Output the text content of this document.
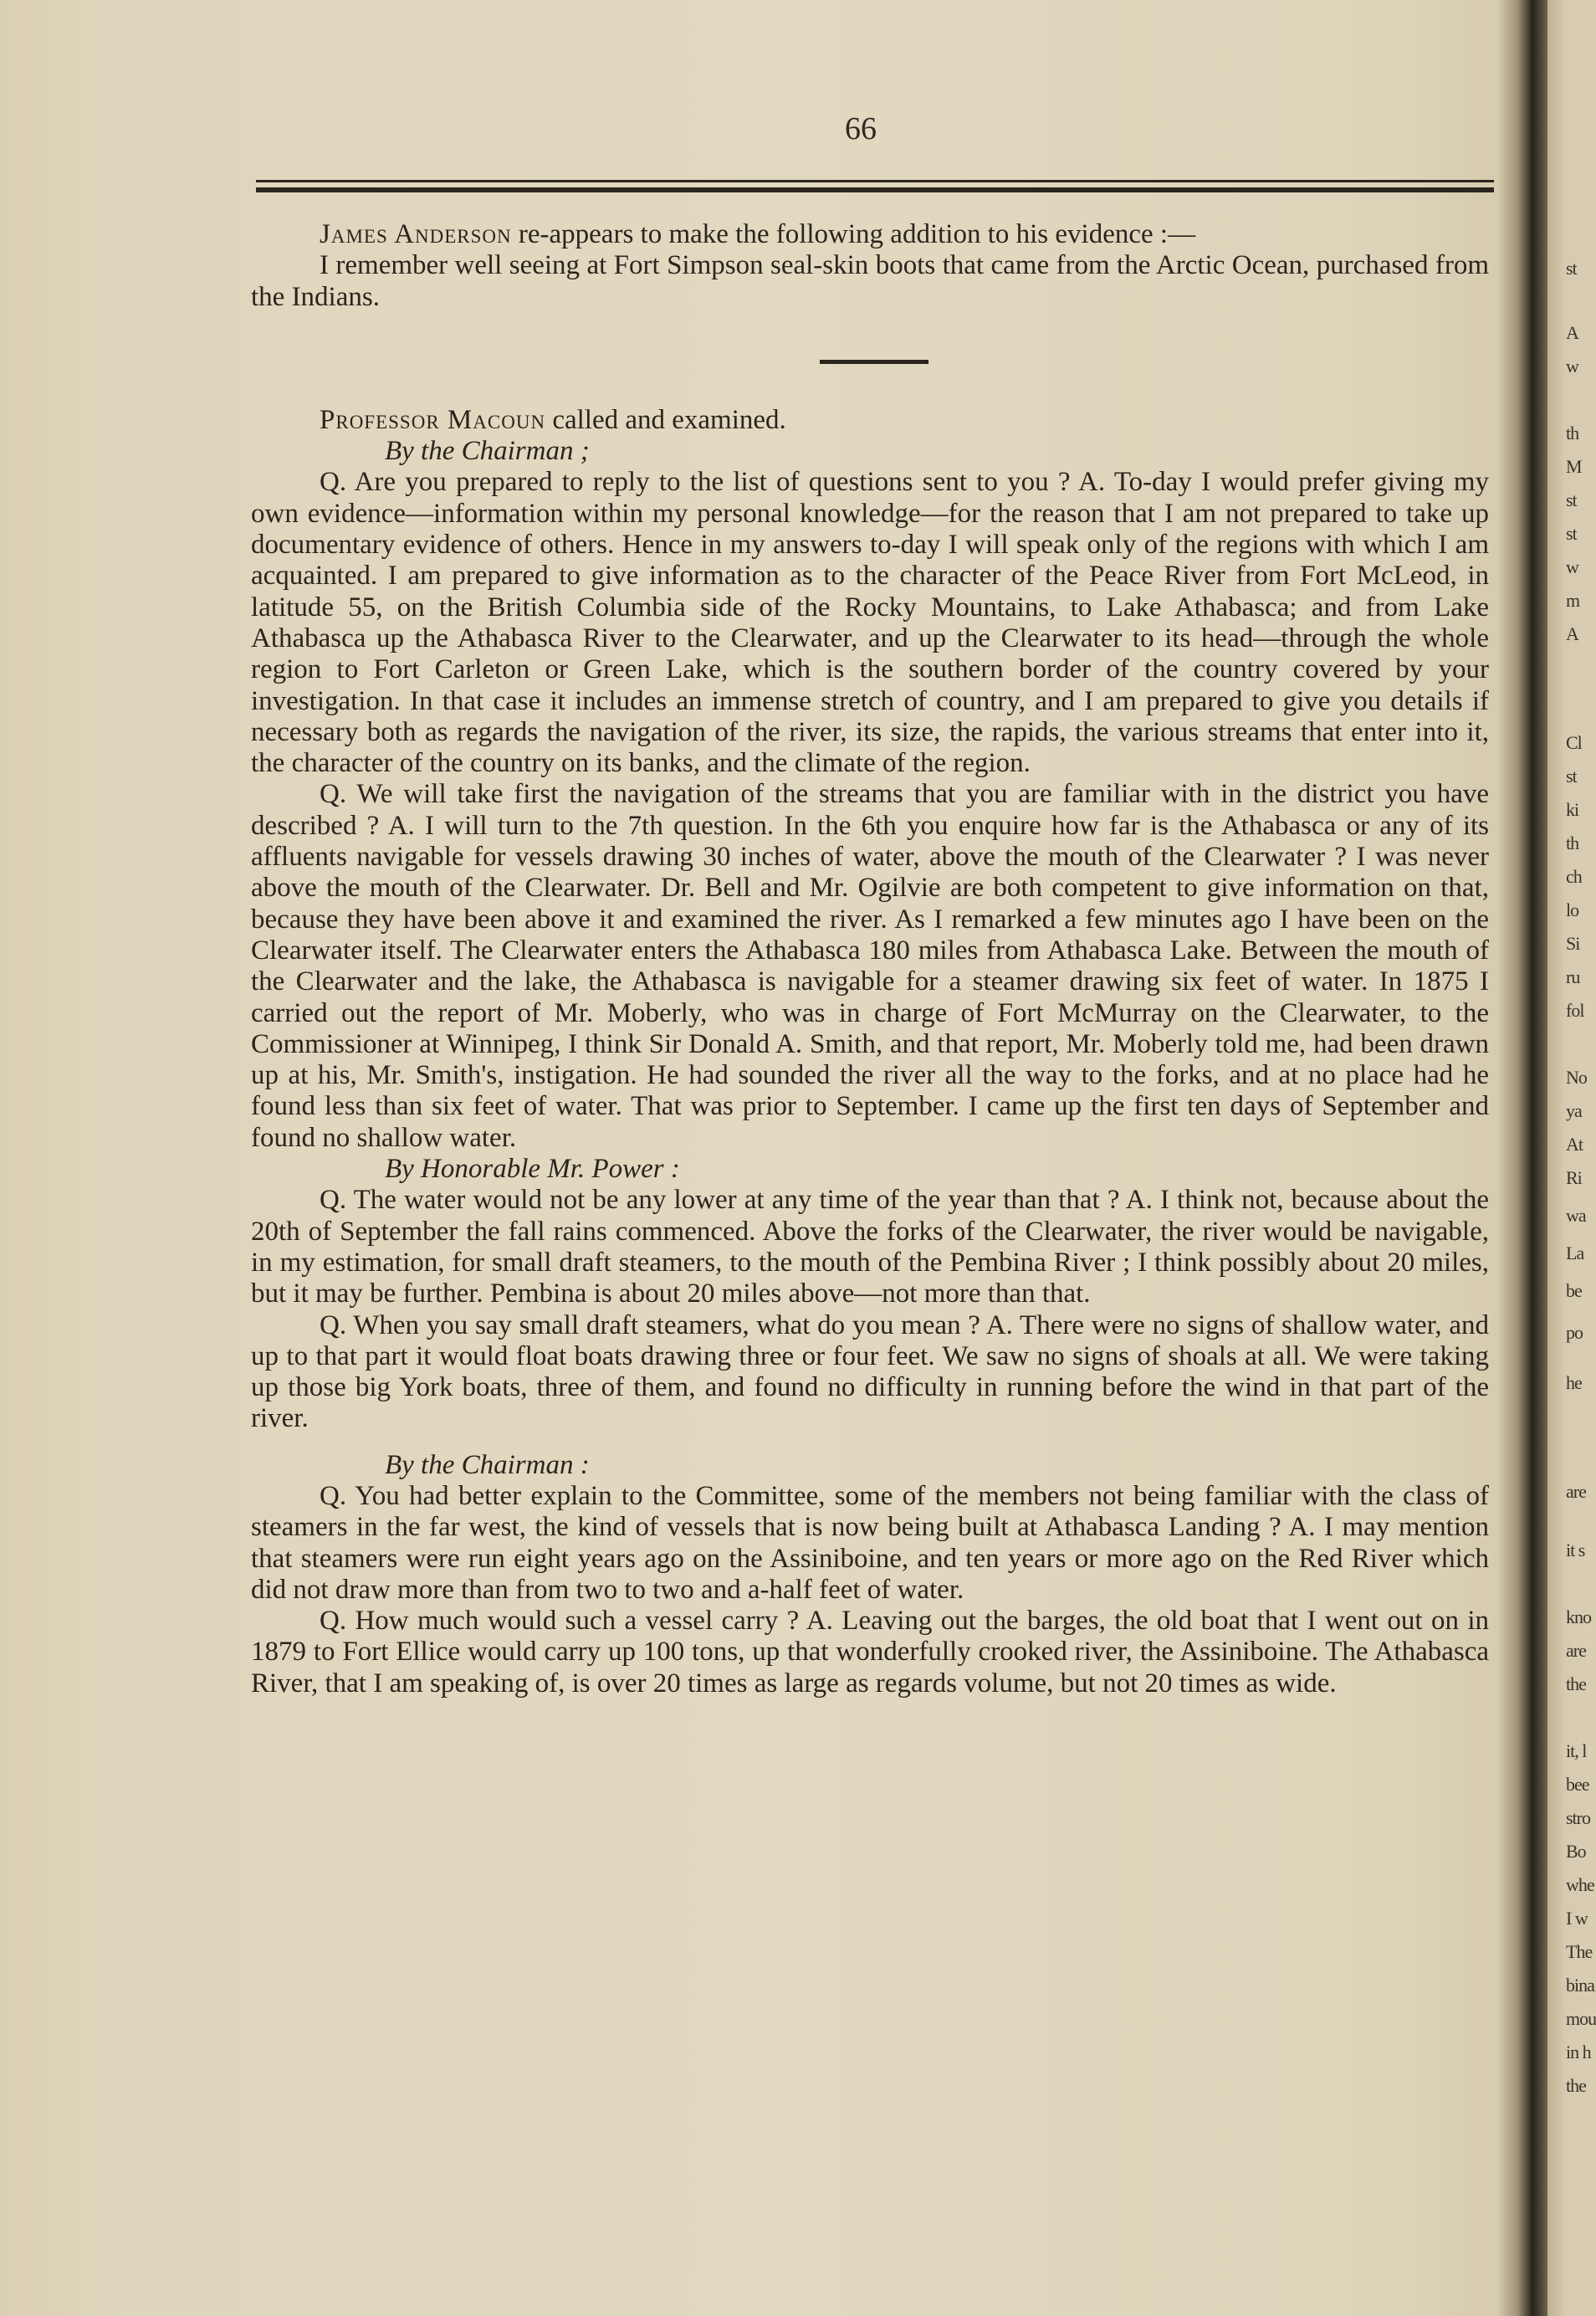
66

James Anderson re-appears to make the following addition to his evidence :—

I remember well seeing at Fort Simpson seal-skin boots that came from the Arctic Ocean, purchased from the Indians.

Professor Macoun called and examined.

By the Chairman ;

Q. Are you prepared to reply to the list of questions sent to you ? A. To-day I would prefer giving my own evidence—information within my personal knowledge—for the reason that I am not prepared to take up documentary evidence of others. Hence in my answers to-day I will speak only of the regions with which I am acquainted. I am prepared to give information as to the character of the Peace River from Fort McLeod, in latitude 55, on the British Columbia side of the Rocky Mountains, to Lake Athabasca; and from Lake Athabasca up the Athabasca River to the Clearwater, and up the Clearwater to its head—through the whole region to Fort Carleton or Green Lake, which is the southern border of the country covered by your investigation. In that case it includes an immense stretch of country, and I am prepared to give you details if necessary both as regards the navigation of the river, its size, the rapids, the various streams that enter into it, the character of the country on its banks, and the climate of the region.

Q. We will take first the navigation of the streams that you are familiar with in the district you have described ? A. I will turn to the 7th question. In the 6th you enquire how far is the Athabasca or any of its affluents navigable for vessels drawing 30 inches of water, above the mouth of the Clearwater ? I was never above the mouth of the Clearwater. Dr. Bell and Mr. Ogilvie are both competent to give information on that, because they have been above it and examined the river. As I remarked a few minutes ago I have been on the Clearwater itself. The Clearwater enters the Athabasca 180 miles from Athabasca Lake. Between the mouth of the Clearwater and the lake, the Athabasca is navigable for a steamer drawing six feet of water. In 1875 I carried out the report of Mr. Moberly, who was in charge of Fort McMurray on the Clearwater, to the Commissioner at Winnipeg, I think Sir Donald A. Smith, and that report, Mr. Moberly told me, had been drawn up at his, Mr. Smith's, instigation. He had sounded the river all the way to the forks, and at no place had he found less than six feet of water. That was prior to September. I came up the first ten days of September and found no shallow water.

By Honorable Mr. Power :

Q. The water would not be any lower at any time of the year than that ? A. I think not, because about the 20th of September the fall rains commenced. Above the forks of the Clearwater, the river would be navigable, in my estimation, for small draft steamers, to the mouth of the Pembina River ; I think possibly about 20 miles, but it may be further. Pembina is about 20 miles above—not more than that.

Q. When you say small draft steamers, what do you mean ? A. There were no signs of shallow water, and up to that part it would float boats drawing three or four feet. We saw no signs of shoals at all. We were taking up those big York boats, three of them, and found no difficulty in running before the wind in that part of the river.

By the Chairman :

Q. You had better explain to the Committee, some of the members not being familiar with the class of steamers in the far west, the kind of vessels that is now being built at Athabasca Landing ? A. I may mention that steamers were run eight years ago on the Assiniboine, and ten years or more ago on the Red River which did not draw more than from two to two and a-half feet of water.

Q. How much would such a vessel carry ? A. Leaving out the barges, the old boat that I went out on in 1879 to Fort Ellice would carry up 100 tons, up that wonderfully crooked river, the Assiniboine. The Athabasca River, that I am speaking of, is over 20 times as large as regards volume, but not 20 times as wide.

st
A
w
th
M
st
st
w
m
A
Cl
st
ki
th
ch
lo
Si
ru
fol
No
ya
At
Ri
wa
La
be
po
he
are
it s
kno
are
the
it, l
bee
stro
Bo
whe
I w
The
bina
mou
in h
the
